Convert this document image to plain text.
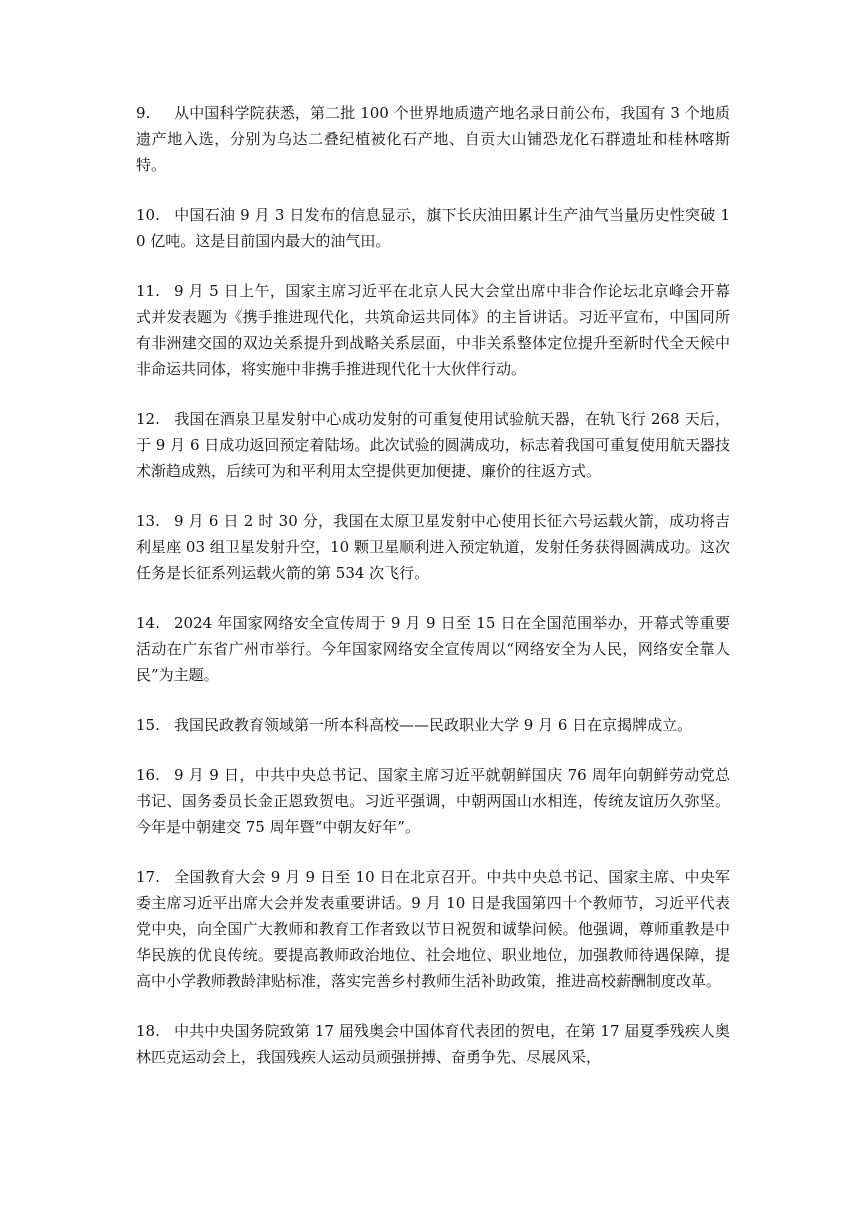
9. 从中国科学院获悉，第二批 100 个世界地质遗产地名录日前公布，我国有 3 个地质遗产地入选，分别为乌达二叠纪植被化石产地、自贡大山铺恐龙化石群遗址和桂林喀斯特。

10. 中国石油 9 月 3 日发布的信息显示，旗下长庆油田累计生产油气当量历史性突破 10 亿吨。这是目前国内最大的油气田。

11. 9 月 5 日上午，国家主席习近平在北京人民大会堂出席中非合作论坛北京峰会开幕式并发表题为《携手推进现代化，共筑命运共同体》的主旨讲话。习近平宣布，中国同所有非洲建交国的双边关系提升到战略关系层面，中非关系整体定位提升至新时代全天候中非命运共同体，将实施中非携手推进现代化十大伙伴行动。

12. 我国在酒泉卫星发射中心成功发射的可重复使用试验航天器，在轨飞行 268 天后，于 9 月 6 日成功返回预定着陆场。此次试验的圆满成功，标志着我国可重复使用航天器技术渐趋成熟，后续可为和平利用太空提供更加便捷、廉价的往返方式。

13. 9 月 6 日 2 时 30 分，我国在太原卫星发射中心使用长征六号运载火箭，成功将吉利星座 03 组卫星发射升空，10 颗卫星顺利进入预定轨道，发射任务获得圆满成功。这次任务是长征系列运载火箭的第 534 次飞行。

14. 2024 年国家网络安全宣传周于 9 月 9 日至 15 日在全国范围举办，开幕式等重要活动在广东省广州市举行。今年国家网络安全宣传周以“网络安全为人民，网络安全靠人民”为主题。

15. 我国民政教育领域第一所本科高校——民政职业大学 9 月 6 日在京揭牌成立。

16. 9 月 9 日，中共中央总书记、国家主席习近平就朝鲜国庆 76 周年向朝鲜劳动党总书记、国务委员长金正恩致贺电。习近平强调，中朝两国山水相连，传统友谊历久弥坚。今年是中朝建交 75 周年暨“中朝友好年”。

17. 全国教育大会 9 月 9 日至 10 日在北京召开。中共中央总书记、国家主席、中央军委主席习近平出席大会并发表重要讲话。9 月 10 日是我国第四十个教师节，习近平代表党中央，向全国广大教师和教育工作者致以节日祝贺和诚挚问候。他强调，尊师重教是中华民族的优良传统。要提高教师政治地位、社会地位、职业地位，加强教师待遇保障，提高中小学教师教龄津贴标准，落实完善乡村教师生活补助政策，推进高校薪酬制度改革。

18. 中共中央国务院致第 17 届残奥会中国体育代表团的贺电，在第 17 届夏季残疾人奥林匹克运动会上，我国残疾人运动员顽强拼搏、奋勇争先、尽展风采，
